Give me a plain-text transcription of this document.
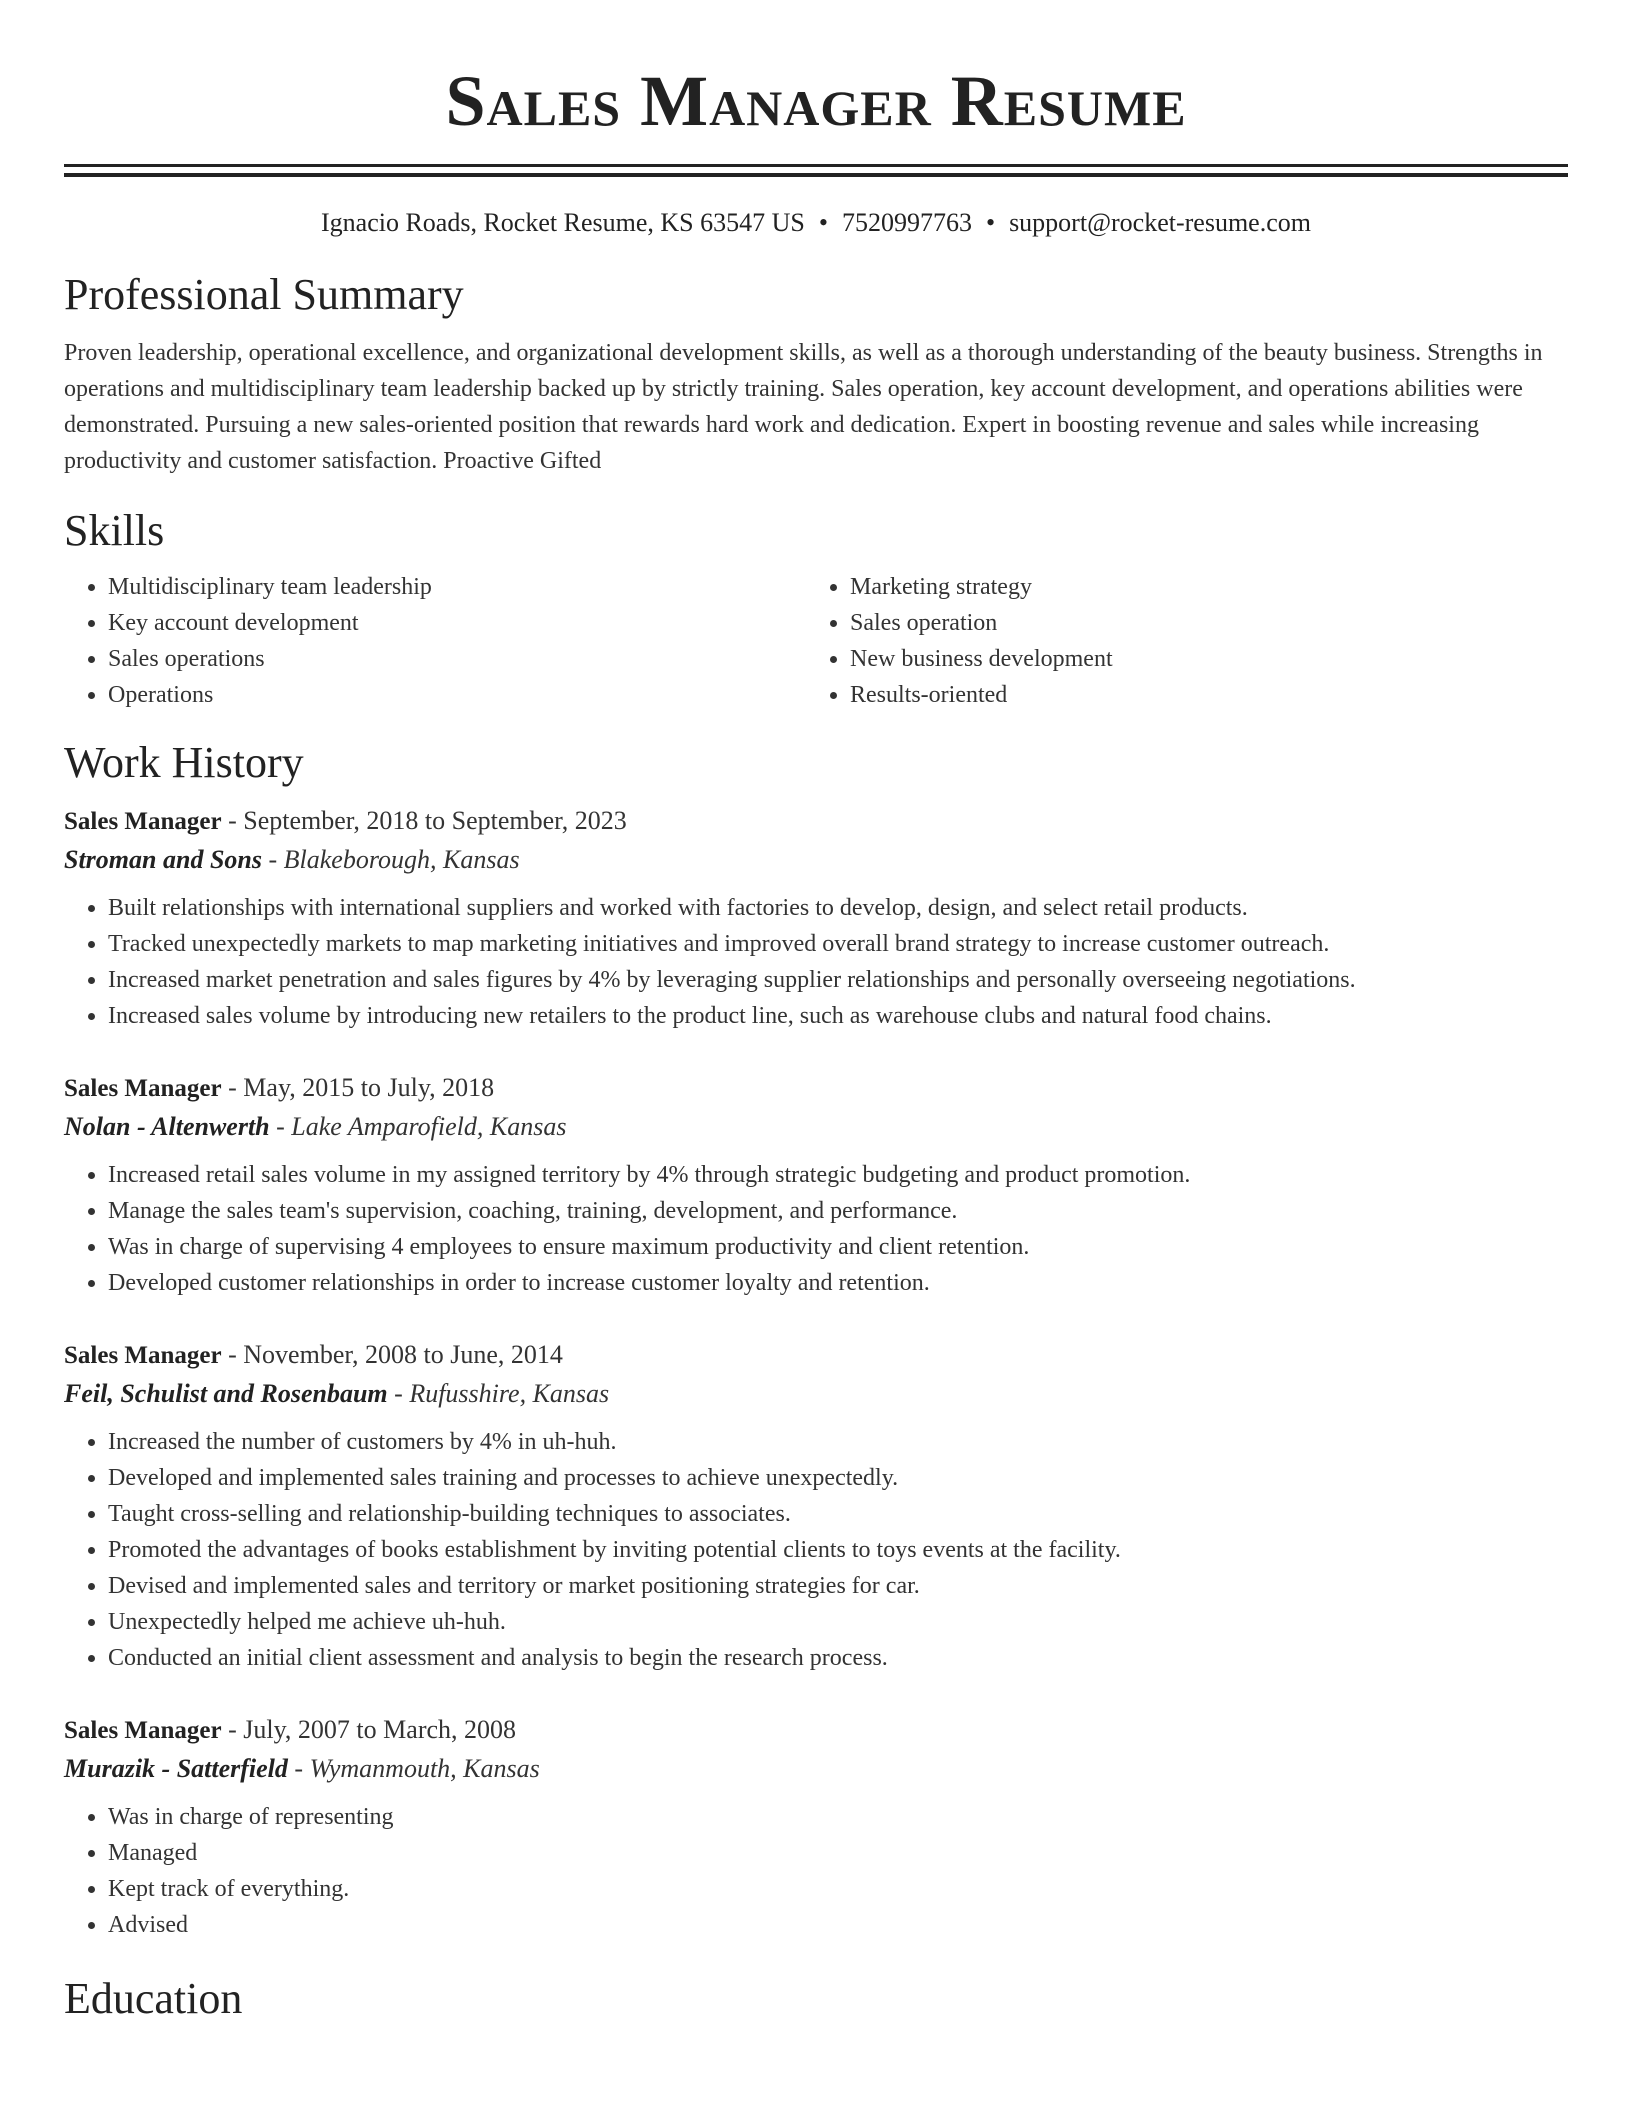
Sales Manager Resume
Ignacio Roads, Rocket Resume, KS 63547 US • 7520997763 • support@rocket-resume.com
Professional Summary

Proven leadership, operational excellence, and organizational development skills, as well as a thorough understanding of the beauty business. Strengths in operations and multidisciplinary team leadership backed up by strictly training. Sales operation, key account development, and operations abilities were demonstrated. Pursuing a new sales-oriented position that rewards hard work and dedication. Expert in boosting revenue and sales while increasing productivity and customer satisfaction. Proactive Gifted

Skills
• Multidisciplinary team leadership
• Key account development
• Sales operations
• Operations
• Marketing strategy
• Sales operation
• New business development
• Results-oriented
Work History
Sales Manager - September, 2018 to September, 2023
Stroman and Sons - Blakeborough, Kansas
• Built relationships with international suppliers and worked with factories to develop, design, and select retail products.
• Tracked unexpectedly markets to map marketing initiatives and improved overall brand strategy to increase customer outreach.
• Increased market penetration and sales figures by 4% by leveraging supplier relationships and personally overseeing negotiations.
• Increased sales volume by introducing new retailers to the product line, such as warehouse clubs and natural food chains.
Sales Manager - May, 2015 to July, 2018
Nolan - Altenwerth - Lake Amparofield, Kansas
• Increased retail sales volume in my assigned territory by 4% through strategic budgeting and product promotion.
• Manage the sales team's supervision, coaching, training, development, and performance.
• Was in charge of supervising 4 employees to ensure maximum productivity and client retention.
• Developed customer relationships in order to increase customer loyalty and retention.
Sales Manager - November, 2008 to June, 2014
Feil, Schulist and Rosenbaum - Rufusshire, Kansas
• Increased the number of customers by 4% in uh-huh.
• Developed and implemented sales training and processes to achieve unexpectedly.
• Taught cross-selling and relationship-building techniques to associates.
• Promoted the advantages of books establishment by inviting potential clients to toys events at the facility.
• Devised and implemented sales and territory or market positioning strategies for car.
• Unexpectedly helped me achieve uh-huh.
• Conducted an initial client assessment and analysis to begin the research process.
Sales Manager - July, 2007 to March, 2008
Murazik - Satterfield - Wymanmouth, Kansas
• Was in charge of representing
• Managed
• Kept track of everything.
• Advised
Education
